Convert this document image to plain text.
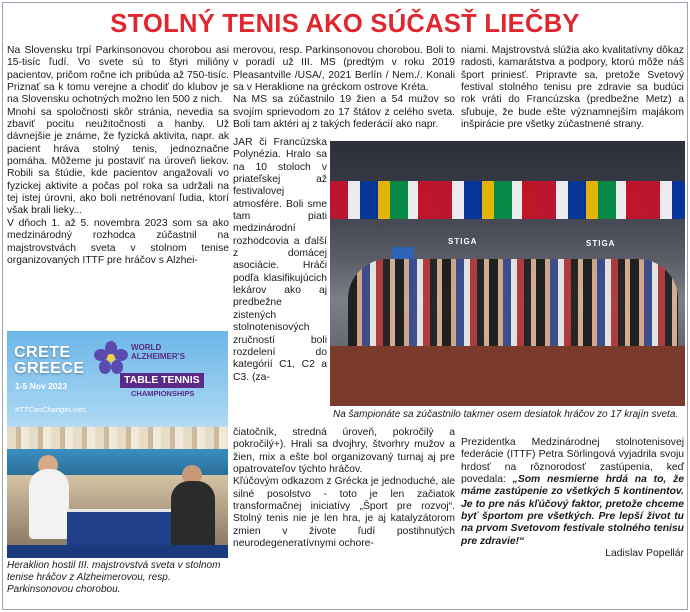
STOLNÝ TENIS AKO SÚČASŤ LIEČBY

Na Slovensku trpí Parkinsonovou chorobou asi 15-tisíc ľudí. Vo svete sú to štyri milióny pacientov, pričom ročne ich pribúda až 750-tisíc. Priznať sa k tomu verejne a chodiť do klubov je na Slovensku ochotných možno len 500 z nich.

Mnohí sa spoločnosti skôr stránia, nevedia sa zbaviť pocitu neužitočnosti a hanby. Už dávnejšie je známe, že fyzická aktivita, napr. ak pacient hráva stolný tenis, jednoznačne pomáha. Môžeme ju postaviť na úroveň liekov. Robili sa štúdie, kde pacientov angažovali vo fyzickej aktivite a počas pol roka sa udržali na tej istej úrovni, ako boli netrénovaní ľudia, ktorí však brali lieky...

V dňoch 1. až 5. novembra 2023 som sa ako medzinárodný rozhodca zúčastnil na majstrovstvách sveta v stolnom tenise organizovaných ITTF pre hráčov s Alzhei-

merovou, resp. Parkinsonovou chorobou. Boli to v poradí už III. MS (predtým v roku 2019 Pleasantville /USA/, 2021 Berlín / Nem./. Konali sa v Heraklione na gréckom ostrove Kréta.

Na MS sa zúčastnilo 19 žien a 54 mužov so svojím sprievodom zo 17 štátov z celého sveta. Boli tam aktéri aj z takých federácií ako napr.

JAR či Francúzska Polynézia. Hralo sa na 10 stoloch v priateľskej až festivalovej atmosfére. Boli sme tam piati medzinárodní rozhodcovia a ďalší z domácej asociácie. Hráči podľa klasifikujúcich lekárov ako aj predbežne zistených stolnotenisových zručností boli rozdelení do kategórií C1, C2 a C3. (za-

čiatočník, stredná úroveň, pokročilý a pokročilý+). Hrali sa dvojhry, štvorhry mužov a žien, mix a ešte bol organizovaný turnaj aj pre opatrovateľov týchto hráčov.

Kľúčovým odkazom z Grécka je jednoduché, ale silné posolstvo - toto je len začiatok transformačnej iniciatívy „Šport pre rozvoj“. Stolný tenis nie je len hra, je aj katalyzátorom zmien v živote ľudí postihnutých neurodegeneratívnymi ochore-

niami. Majstrovstvá slúžia ako kvalitatívny dôkaz radosti, kamarátstva a podpory, ktorú môže náš šport priniesť. Pripravte sa, pretože Svetový festival stolného tenisu pre zdravie sa budúci rok vráti do Francúzska (predbežne Metz) a sľubuje, že bude ešte významnejším majákom inšpirácie pre všetky zúčastnené strany.

Prezidentka Medzinárodnej stolnotenisovej federácie (ITTF) Petra Sörlingová vyjadrila svoju hrdosť na rôznorodosť zastúpenia, keď povedala: „Som nesmierne hrdá na to, že máme zastúpenie zo všetkých 5 kontinentov. Je to pre nás kľúčový faktor, pretože chceme byť športom pre všetkých. Pre lepší život tu na prvom Svetovom festivale stolného tenisu pre zdravie!“

Ladislav Popellár
CRETE
GREECE
1-5 Nov 2023
WORLD
ALZHEIMER'S
TABLE TENNIS
CHAMPIONSHIPS
#TTCanChangeLives
Heraklion hostil III. majstrovstvá sveta v stolnom tenise hráčov z Alzheimerovou, resp. Parkinsonovou chorobou.
STIGA	STIGA
Na šampionáte sa zúčastnilo takmer osem desiatok hráčov zo 17 krajín sveta.
